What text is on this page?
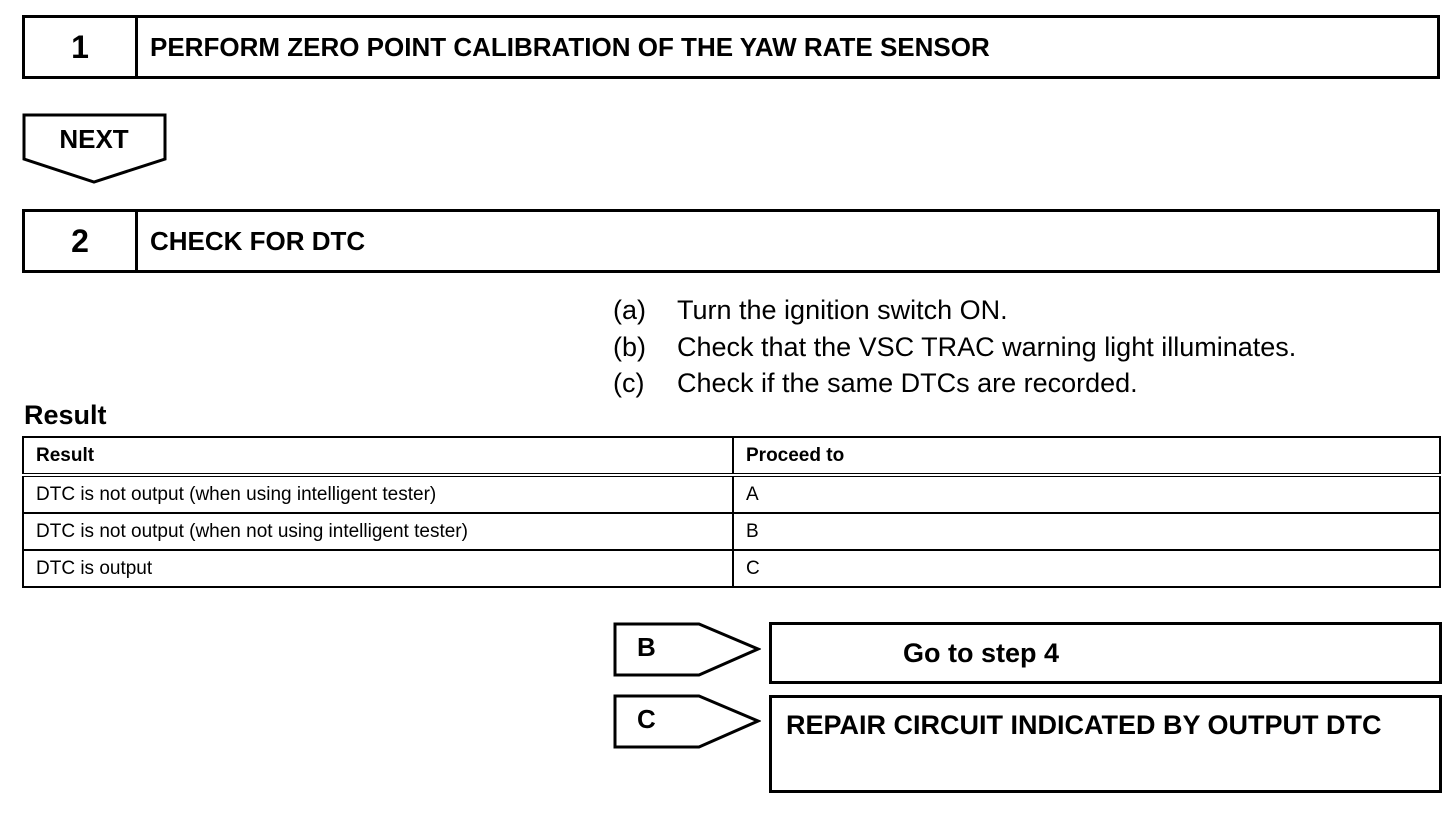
1	PERFORM ZERO POINT CALIBRATION OF THE YAW RATE SENSOR
NEXT
2	CHECK FOR DTC
(a)	Turn the ignition switch ON.
(b)	Check that the VSC TRAC warning light illuminates.
(c)	Check if the same DTCs are recorded.
Result
Result	Proceed to
DTC is not output (when using intelligent tester)	A
DTC is not output (when not using intelligent tester)	B
DTC is output	C
B	Go to step 4
C	REPAIR CIRCUIT INDICATED BY OUTPUT DTC
